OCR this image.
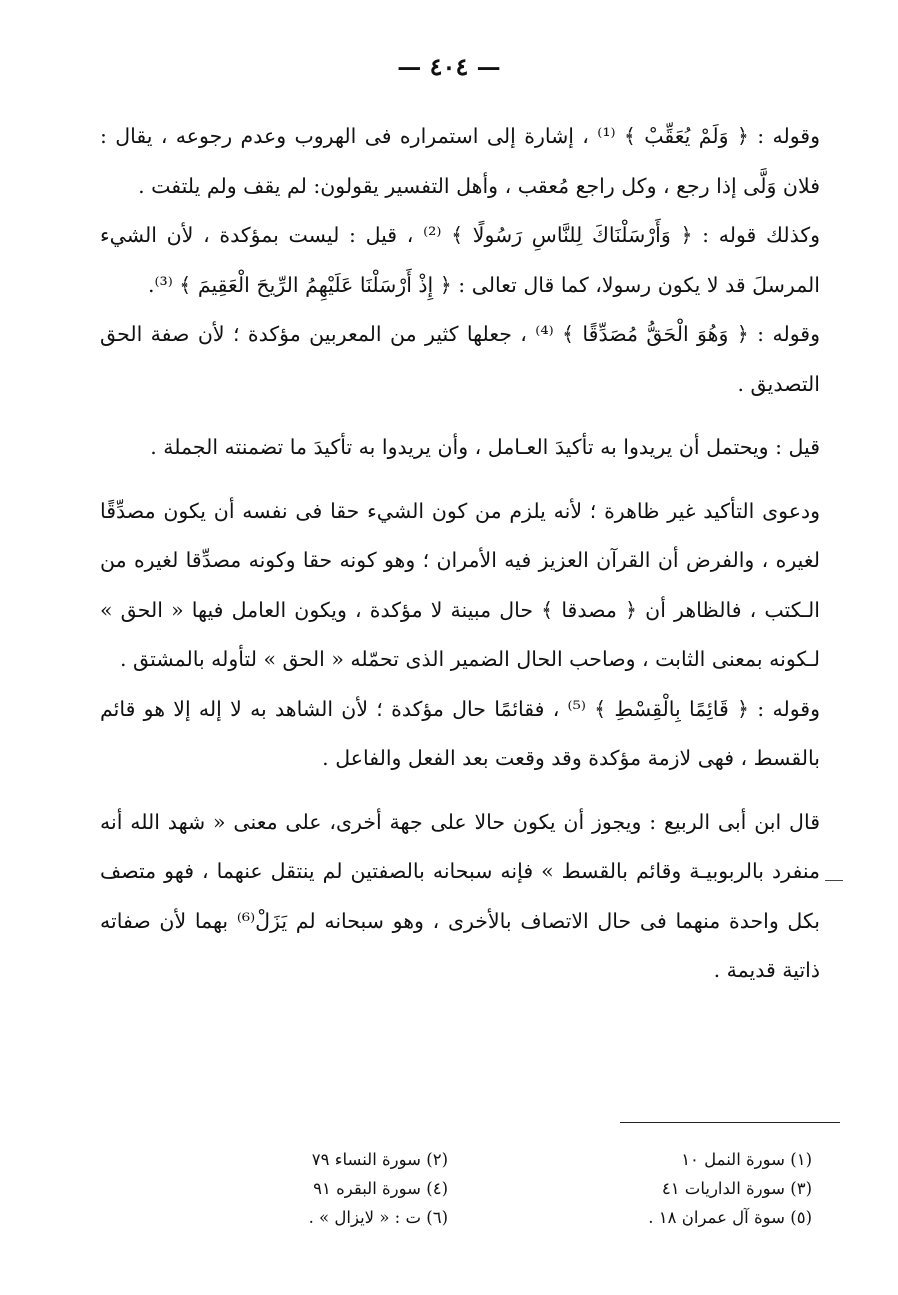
— ٤٠٤ —

وقوله : ﴿ وَلَمْ يُعَقِّبْ ﴾ ⁽¹⁾ ، إشارة إلى استمراره فى الهروب وعدم رجوعه ، يقال : فلان وَلَّى إذا رجع ، وكل راجع مُعقب ، وأهل التفسير يقولون: لم يقف ولم يلتفت .

وكذلك قوله : ﴿ وَأَرْسَلْنَاكَ لِلنَّاسِ رَسُولًا ﴾ ⁽²⁾ ، قيل : ليست بمؤكدة ، لأن الشيء المرسلَ قد لا يكون رسولا، كما قال تعالى : ﴿ إِذْ أَرْسَلْنَا عَلَيْهِمُ الرِّيحَ الْعَقِيمَ ﴾ ⁽³⁾.

وقوله : ﴿ وَهُوَ الْحَقُّ مُصَدِّقًا ﴾ ⁽⁴⁾ ، جعلها كثير من المعربين مؤكدة ؛ لأن صفة الحق التصديق .

قيل : ويحتمل أن يريدوا به تأكيدَ العـامل ، وأن يريدوا به تأكيدَ ما تضمنته الجملة .

ودعوى التأكيد غير ظاهرة ؛ لأنه يلزم من كون الشيء حقا فى نفسه أن يكون مصدِّقًا لغيره ، والفرض أن القرآن العزيز فيه الأمران ؛ وهو كونه حقا وكونه مصدِّقا لغيره من الـكتب ، فالظاهر أن ﴿ مصدقا ﴾ حال مبينة لا مؤكدة ، ويكون العامل فيها « الحق » لـكونه بمعنى الثابت ، وصاحب الحال الضمير الذى تحمّله « الحق » لتأوله بالمشتق .

وقوله : ﴿ قَائِمًا بِالْقِسْطِ ﴾ ⁽⁵⁾ ، فقائمًا حال مؤكدة ؛ لأن الشاهد به لا إله إلا هو قائم بالقسط ، فهى لازمة مؤكدة وقد وقعت بعد الفعل والفاعل .

قال ابن أبى الربيع : ويجوز أن يكون حالا على جهة أخرى، على معنى « شهد الله أنه منفرد بالربوبيـة وقائم بالقسط » فإنه سبحانه بالصفتين لم ينتقل عنهما ، فهو متصف بكل واحدة منهما فى حال الاتصاف بالأخرى ، وهو سبحانه لم يَزَلْ⁽⁶⁾ بهما لأن صفاته ذاتية قديمة .

(١) سورة النمل ١٠
(٢) سورة النساء ٧٩
(٣) سورة الداريات ٤١
(٤) سورة البقره ٩١
(٥) سوة آل عمران ١٨ .
(٦) ت : « لايزال » .
